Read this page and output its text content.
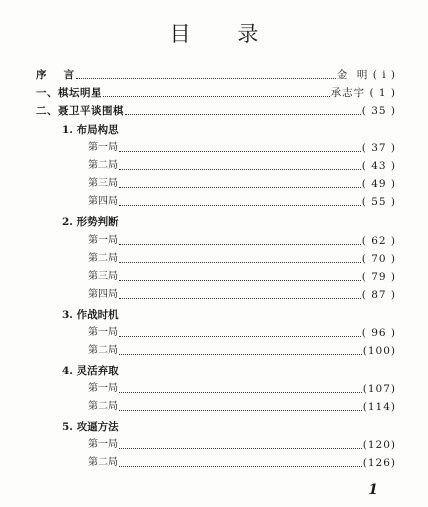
目 录
序    言	金  明 ( i )
一、棋坛明星	承志宇 ( 1 )
二、聂卫平谈围棋	( 35 )
1. 布局构思
第一局	( 37 )
第二局	( 43 )
第三局	( 49 )
第四局	( 55 )
2. 形势判断
第一局	( 62 )
第二局	( 70 )
第三局	( 79 )
第四局	( 87 )
3. 作战时机
第一局	( 96 )
第二局	(100)
4. 灵活弃取
第一局	(107)
第二局	(114)
5. 攻逼方法
第一局	(120)
第二局	(126)
1
